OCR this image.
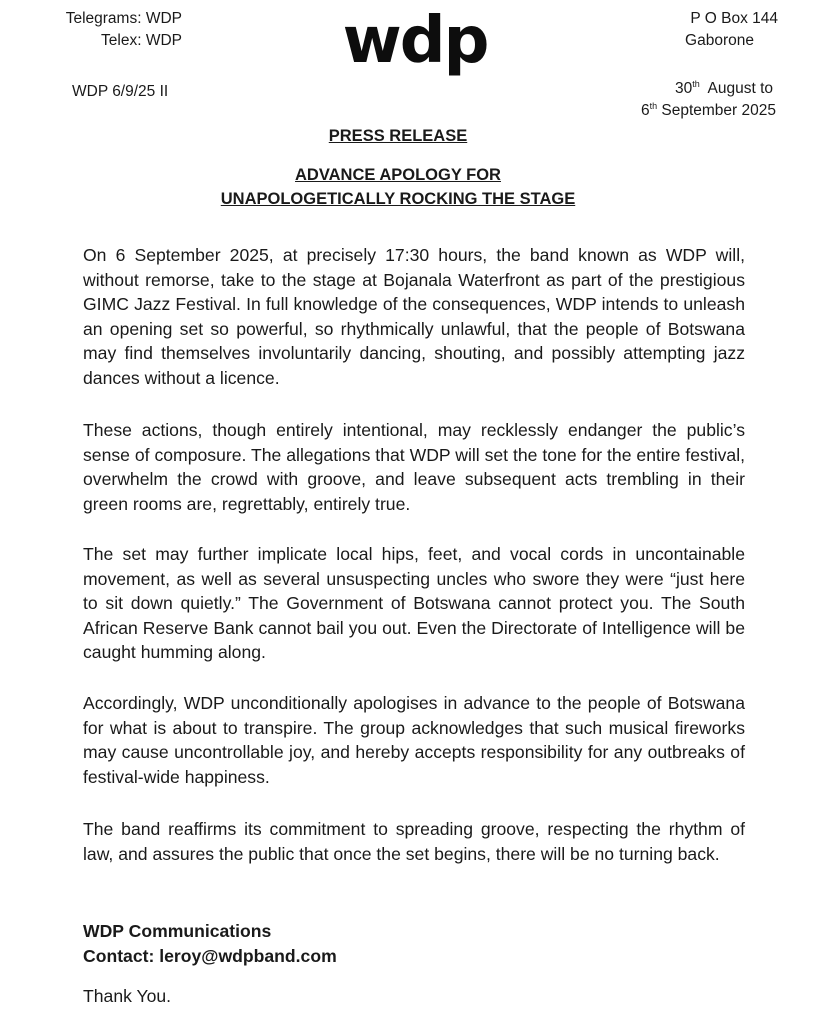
Telegrams: WDP
Telex: WDP
WDP 6/9/25 II
wdp	P O Box 144
Gaborone
30th  August to
6th September 2025
PRESS RELEASE
ADVANCE APOLOGY FOR
UNAPOLOGETICALLY ROCKING THE STAGE

On 6 September 2025, at precisely 17:30 hours, the band known as WDP will, without remorse, take to the stage at Bojanala Waterfront as part of the prestigious GIMC Jazz Festival. In full knowledge of the consequences, WDP intends to unleash an opening set so powerful, so rhythmically unlawful, that the people of Botswana may find themselves involuntarily dancing, shouting, and possibly attempting jazz dances without a licence.

These actions, though entirely intentional, may recklessly endanger the public’s sense of composure. The allegations that WDP will set the tone for the entire festival, overwhelm the crowd with groove, and leave subsequent acts trembling in their green rooms are, regrettably, entirely true.

The set may further implicate local hips, feet, and vocal cords in uncontainable movement, as well as several unsuspecting uncles who swore they were “just here to sit down quietly.” The Government of Botswana cannot protect you. The South African Reserve Bank cannot bail you out. Even the Directorate of Intelligence will be caught humming along.

Accordingly, WDP unconditionally apologises in advance to the people of Botswana for what is about to transpire. The group acknowledges that such musical fireworks may cause uncontrollable joy, and hereby accepts responsibility for any outbreaks of festival-wide happiness.

The band reaffirms its commitment to spreading groove, respecting the rhythm of law, and assures the public that once the set begins, there will be no turning back.

WDP Communications
Contact: leroy@wdpband.com
Thank You.
